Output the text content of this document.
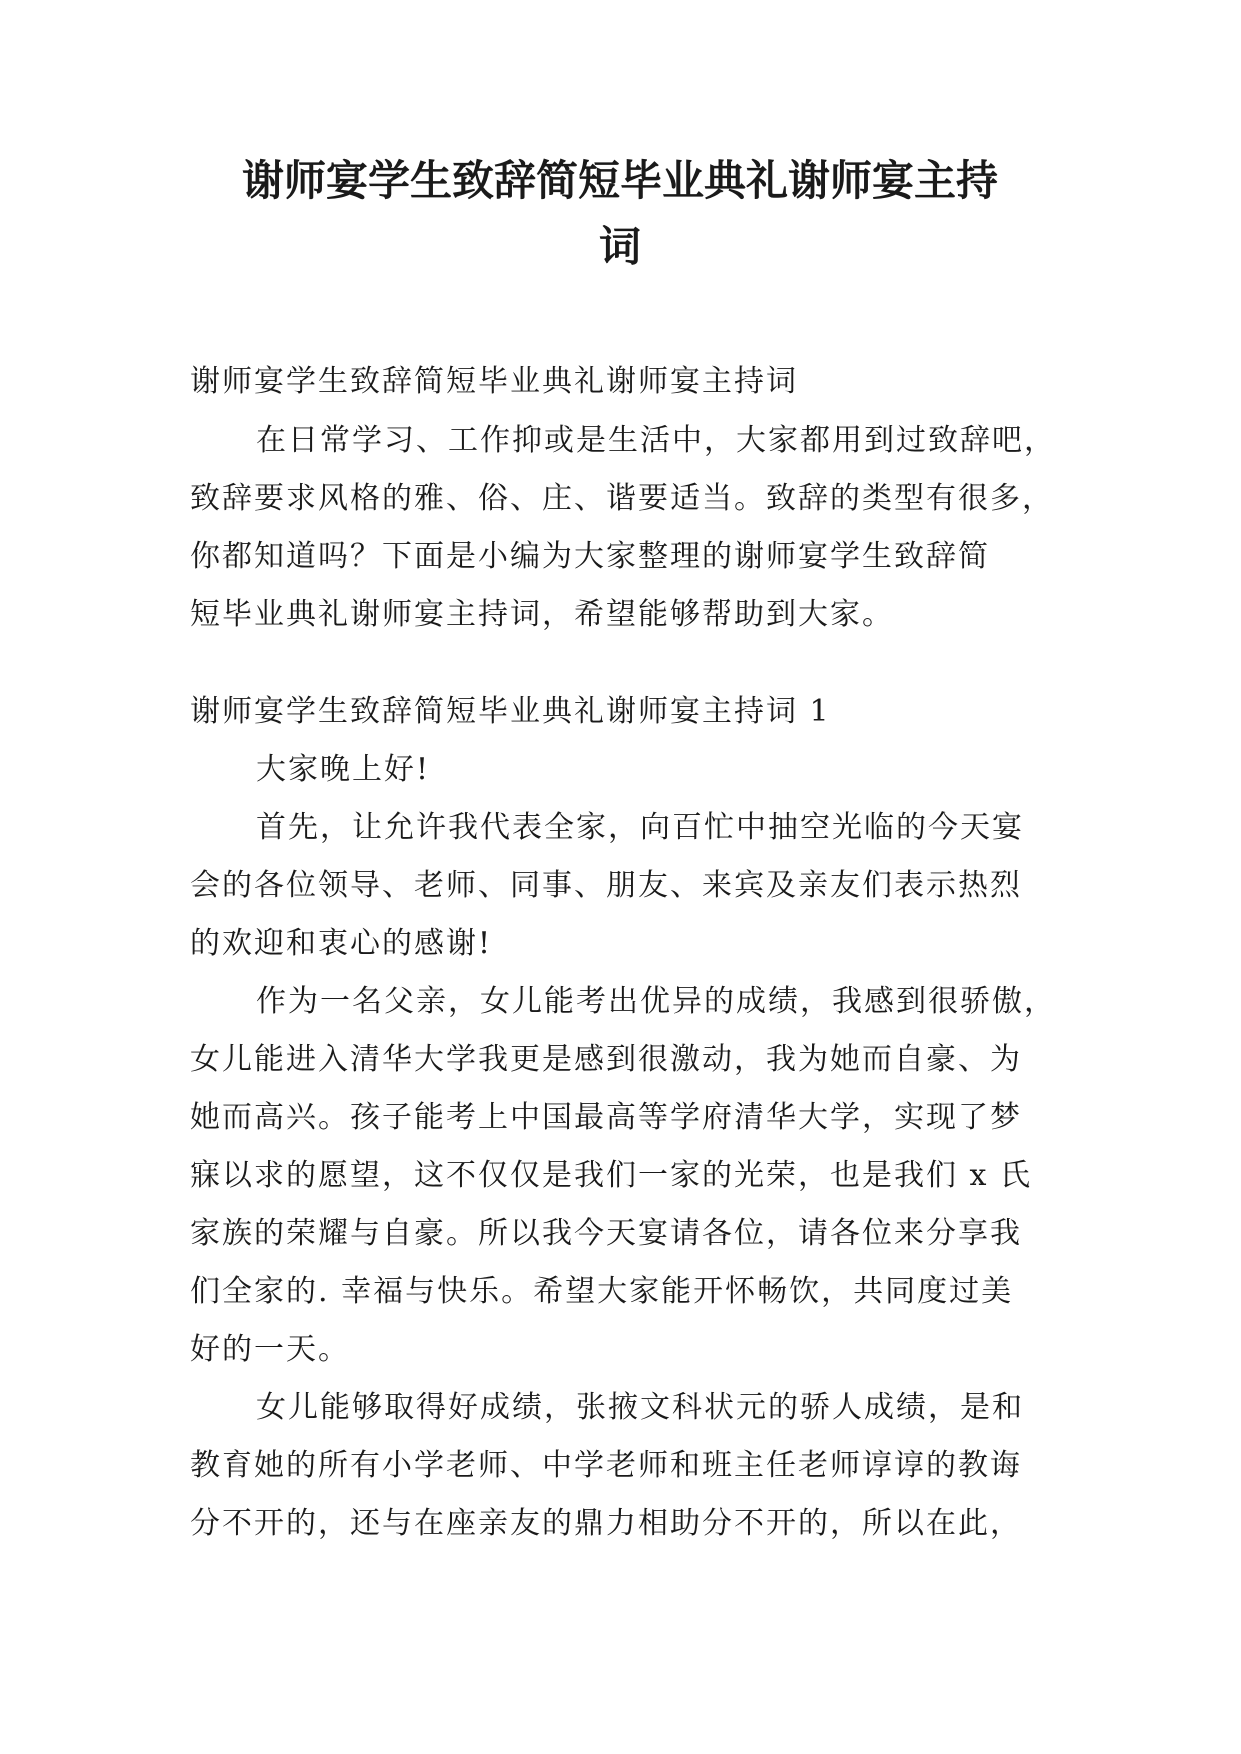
谢师宴学生致辞简短毕业典礼谢师宴主持
词
谢师宴学生致辞简短毕业典礼谢师宴主持词
在日常学习、工作抑或是生活中，大家都用到过致辞吧，
致辞要求风格的雅、俗、庄、谐要适当。致辞的类型有很多，
你都知道吗？下面是小编为大家整理的谢师宴学生致辞简
短毕业典礼谢师宴主持词，希望能够帮助到大家。
谢师宴学生致辞简短毕业典礼谢师宴主持词 1
大家晚上好!
首先，让允许我代表全家，向百忙中抽空光临的今天宴
会的各位领导、老师、同事、朋友、来宾及亲友们表示热烈
的欢迎和衷心的感谢!
作为一名父亲，女儿能考出优异的成绩，我感到很骄傲，
女儿能进入清华大学我更是感到很激动，我为她而自豪、为
她而高兴。孩子能考上中国最高等学府清华大学，实现了梦
寐以求的愿望，这不仅仅是我们一家的光荣，也是我们 x 氏
家族的荣耀与自豪。所以我今天宴请各位，请各位来分享我
们全家的. 幸福与快乐。希望大家能开怀畅饮，共同度过美
好的一天。
女儿能够取得好成绩，张掖文科状元的骄人成绩，是和
教育她的所有小学老师、中学老师和班主任老师谆谆的教诲
分不开的，还与在座亲友的鼎力相助分不开的，所以在此，
